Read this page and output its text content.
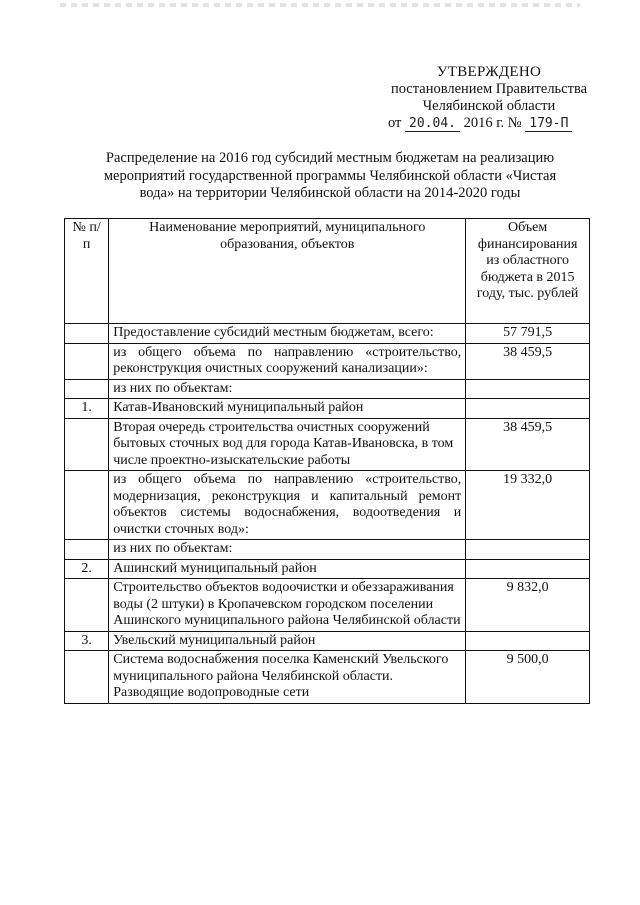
УТВЕРЖДЕНО
постановлением Правительства
Челябинской области
от 20.04. 2016 г. № 179-П
Распределение на 2016 год субсидий местным бюджетам на реализацию
мероприятий государственной программы Челябинской области «Чистая
вода» на территории Челябинской области на 2014-2020 годы
№ п/п	Наименование мероприятий, муниципального образования, объектов	Объем финансирования из областного бюджета в 2015 году, тыс. рублей
	Предоставление субсидий местным бюджетам, всего:	57 791,5
	из общего объема по направлению «строительство, реконструкция очистных сооружений канализации»:	38 459,5
	из них по объектам:	
1.	Катав-Ивановский муниципальный район	
	Вторая очередь строительства очистных сооружений бытовых сточных вод для города Катав-Ивановска, в том числе проектно-изыскательские работы	38 459,5
	из общего объема по направлению «строительство, модернизация, реконструкция и капитальный ремонт объектов системы водоснабжения, водоотведения и очистки сточных вод»:	19 332,0
	из них по объектам:	
2.	Ашинский муниципальный район	
	Строительство объектов водоочистки и обеззараживания воды (2 штуки) в Кропачевском городском поселении Ашинского муниципального района Челябинской области	9 832,0
3.	Увельский муниципальный район	
	Система водоснабжения поселка Каменский Увельского муниципального района Челябинской области. Разводящие водопроводные сети	9 500,0
